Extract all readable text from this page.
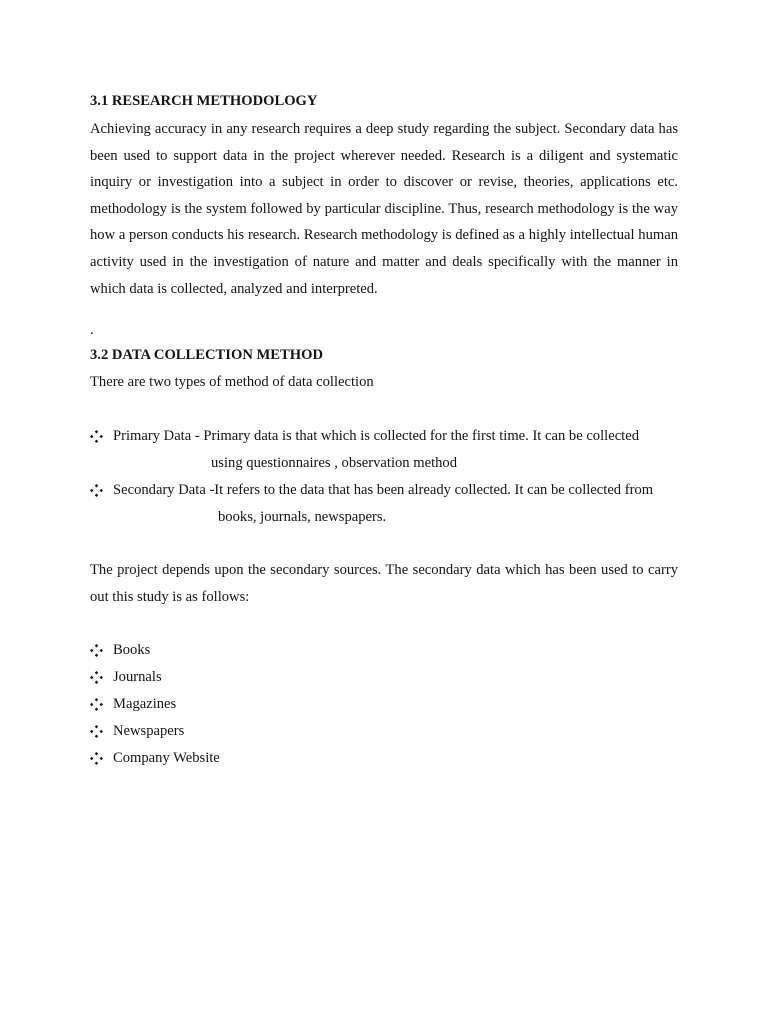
3.1 RESEARCH METHODOLOGY
Achieving accuracy in any research requires a deep study regarding the subject. Secondary data has been used to support data in the project wherever needed. Research is a diligent and systematic inquiry or investigation into a subject in order to discover or revise, theories, applications etc. methodology is the system followed by particular discipline. Thus, research methodology is the way how a person conducts his research. Research methodology is defined as a highly intellectual human activity used in the investigation of nature and matter and deals specifically with the manner in which data is collected, analyzed and interpreted.
.
3.2 DATA COLLECTION METHOD
There are two types of method of data collection
Primary Data - Primary data is that which is collected for the first time. It can be collected
using questionnaires , observation method
Secondary Data -It refers to the data that has been already collected. It can be collected from
books, journals, newspapers.
The project depends upon the secondary sources. The secondary data which has been used to carry out this study is as follows:
Books
Journals
Magazines
Newspapers
Company Website
